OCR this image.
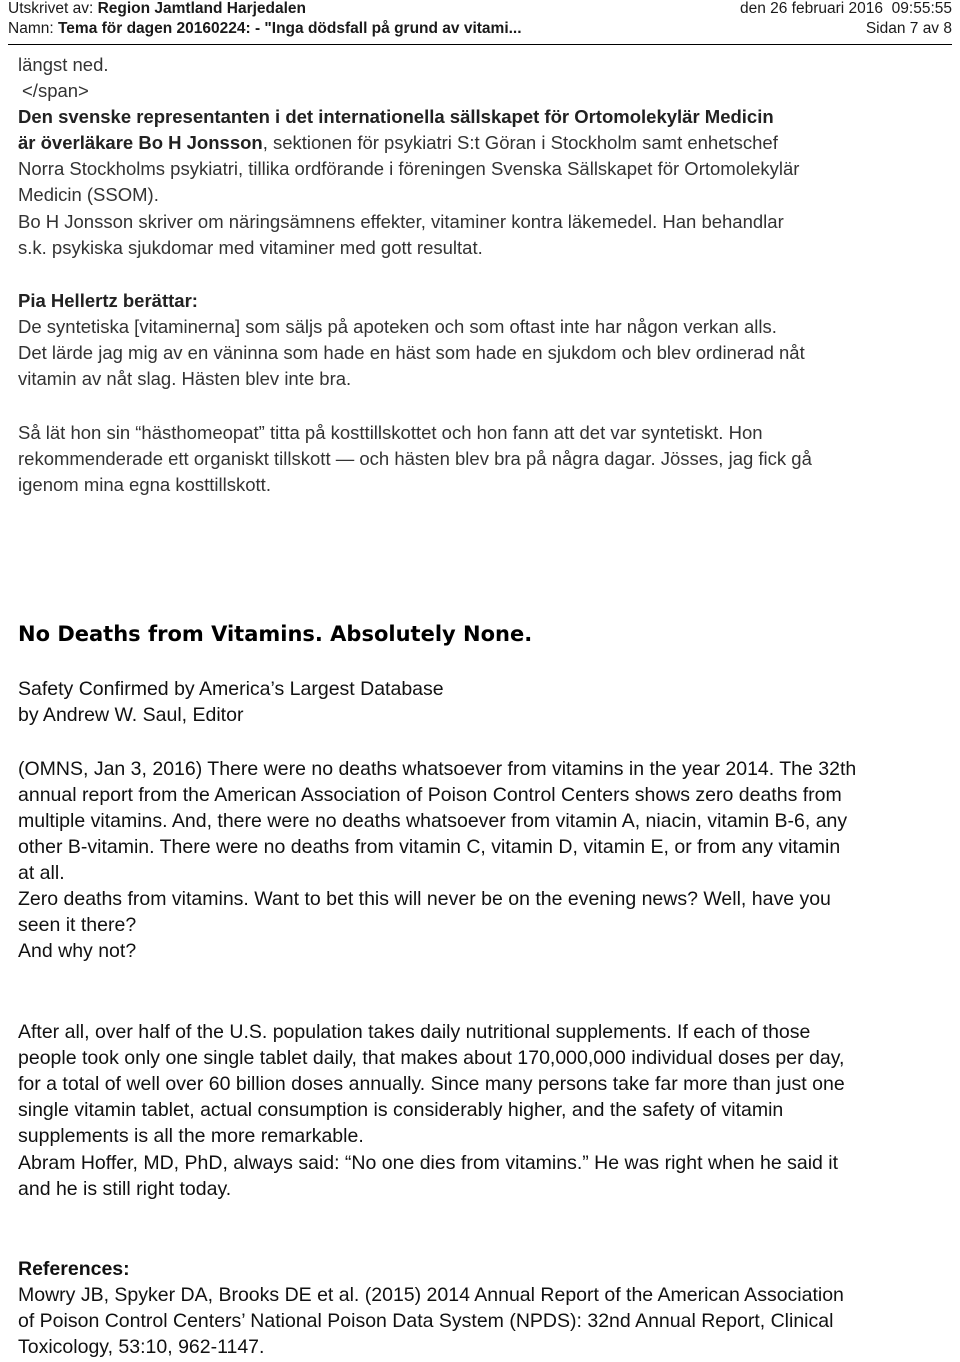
Utskrivet av: Region Jamtland Harjedalen	den 26 februari 2016 09:55:55
Namn: Tema för dagen 20160224: - "Inga dödsfall på grund av vitami...	Sidan 7 av 8
längst ned.
</span>
Den svenske representanten i det internationella sällskapet för Ortomolekylär Medicin
är överläkare Bo H Jonsson, sektionen för psykiatri S:t Göran i Stockholm samt enhetschef
Norra Stockholms psykiatri, tillika ordförande i föreningen Svenska Sällskapet för Ortomolekylär
Medicin (SSOM).
Bo H Jonsson skriver om näringsämnens effekter, vitaminer kontra läkemedel. Han behandlar
s.k. psykiska sjukdomar med vitaminer med gott resultat.
Pia Hellertz berättar:
De syntetiska [vitaminerna] som säljs på apoteken och som oftast inte har någon verkan alls.
Det lärde jag mig av en väninna som hade en häst som hade en sjukdom och blev ordinerad nåt
vitamin av nåt slag. Hästen blev inte bra.
Så lät hon sin “hästhomeopat” titta på kosttillskottet och hon fann att det var syntetiskt. Hon
rekommenderade ett organiskt tillskott — och hästen blev bra på några dagar. Jösses, jag fick gå
igenom mina egna kosttillskott.
No Deaths from Vitamins. Absolutely None.
Safety Confirmed by America’s Largest Database
by Andrew W. Saul, Editor
(OMNS, Jan 3, 2016) There were no deaths whatsoever from vitamins in the year 2014. The 32th
annual report from the American Association of Poison Control Centers shows zero deaths from
multiple vitamins. And, there were no deaths whatsoever from vitamin A, niacin, vitamin B-6, any
other B-vitamin. There were no deaths from vitamin C, vitamin D, vitamin E, or from any vitamin
at all.
Zero deaths from vitamins. Want to bet this will never be on the evening news? Well, have you
seen it there?
And why not?
After all, over half of the U.S. population takes daily nutritional supplements. If each of those
people took only one single tablet daily, that makes about 170,000,000 individual doses per day,
for a total of well over 60 billion doses annually. Since many persons take far more than just one
single vitamin tablet, actual consumption is considerably higher, and the safety of vitamin
supplements is all the more remarkable.
Abram Hoffer, MD, PhD, always said: “No one dies from vitamins.” He was right when he said it
and he is still right today.
References:
Mowry JB, Spyker DA, Brooks DE et al. (2015) 2014 Annual Report of the American Association
of Poison Control Centers’ National Poison Data System (NPDS): 32nd Annual Report, Clinical
Toxicology, 53:10, 962-1147.
